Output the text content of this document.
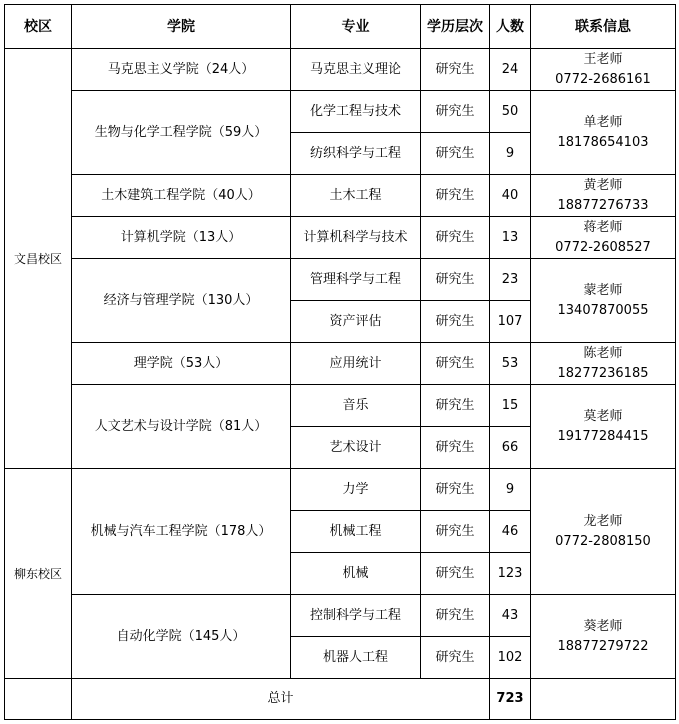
校区	学院	专业	学历层次	人数	联系信息
文昌校区	马克思主义学院（24人）	马克思主义理论	研究生	24	王老师
0772-2686161

	生物与化学工程学院（59人）	化学工程与技术	研究生	50	单老师
18178654103

		纺织科学与工程	研究生	9	
	土木建筑工程学院（40人）	土木工程	研究生	40	黄老师
18877276733

	计算机学院（13人）	计算机科学与技术	研究生	13	蒋老师
0772-2608527

	经济与管理学院（130人）	管理科学与工程	研究生	23	蒙老师
13407870055

		资产评估	研究生	107	
	理学院（53人）	应用统计	研究生	53	陈老师
18277236185

	人文艺术与设计学院（81人）	音乐	研究生	15	莫老师
19177284415

		艺术设计	研究生	66	
柳东校区	机械与汽车工程学院（178人）	力学	研究生	9	龙老师
0772-2808150

		机械工程	研究生	46	
		机械	研究生	123	
	自动化学院（145人）	控制科学与工程	研究生	43	葵老师
18877279722

		机器人工程	研究生	102	
	总计			723	
